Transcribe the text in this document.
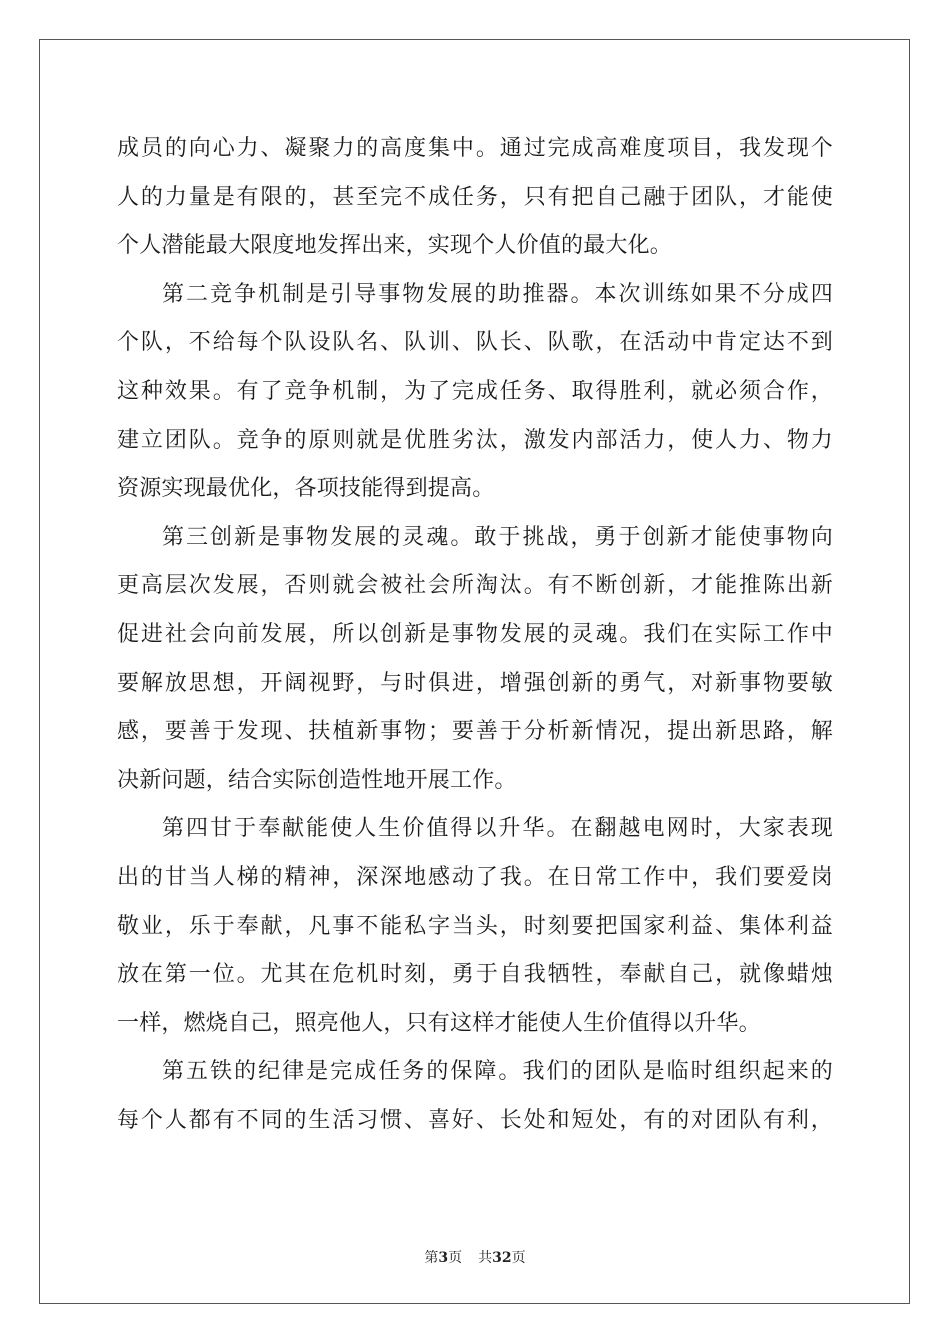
成员的向心力、凝聚力的高度集中。通过完成高难度项目，我发现个
人的力量是有限的，甚至完不成任务，只有把自己融于团队，才能使
个人潜能最大限度地发挥出来，实现个人价值的最大化。
第二竞争机制是引导事物发展的助推器。本次训练如果不分成四
个队，不给每个队设队名、队训、队长、队歌，在活动中肯定达不到
这种效果。有了竞争机制，为了完成任务、取得胜利，就必须合作，
建立团队。竞争的原则就是优胜劣汰，激发内部活力，使人力、物力
资源实现最优化，各项技能得到提高。
第三创新是事物发展的灵魂。敢于挑战，勇于创新才能使事物向
更高层次发展，否则就会被社会所淘汰。有不断创新，才能推陈出新
促进社会向前发展，所以创新是事物发展的灵魂。我们在实际工作中
要解放思想，开阔视野，与时俱进，增强创新的勇气，对新事物要敏
感，要善于发现、扶植新事物；要善于分析新情况，提出新思路，解
决新问题，结合实际创造性地开展工作。
第四甘于奉献能使人生价值得以升华。在翻越电网时，大家表现
出的甘当人梯的精神，深深地感动了我。在日常工作中，我们要爱岗
敬业，乐于奉献，凡事不能私字当头，时刻要把国家利益、集体利益
放在第一位。尤其在危机时刻，勇于自我牺牲，奉献自己，就像蜡烛
一样，燃烧自己，照亮他人，只有这样才能使人生价值得以升华。
第五铁的纪律是完成任务的保障。我们的团队是临时组织起来的
每个人都有不同的生活习惯、喜好、长处和短处，有的对团队有利，
第3页 共32页
